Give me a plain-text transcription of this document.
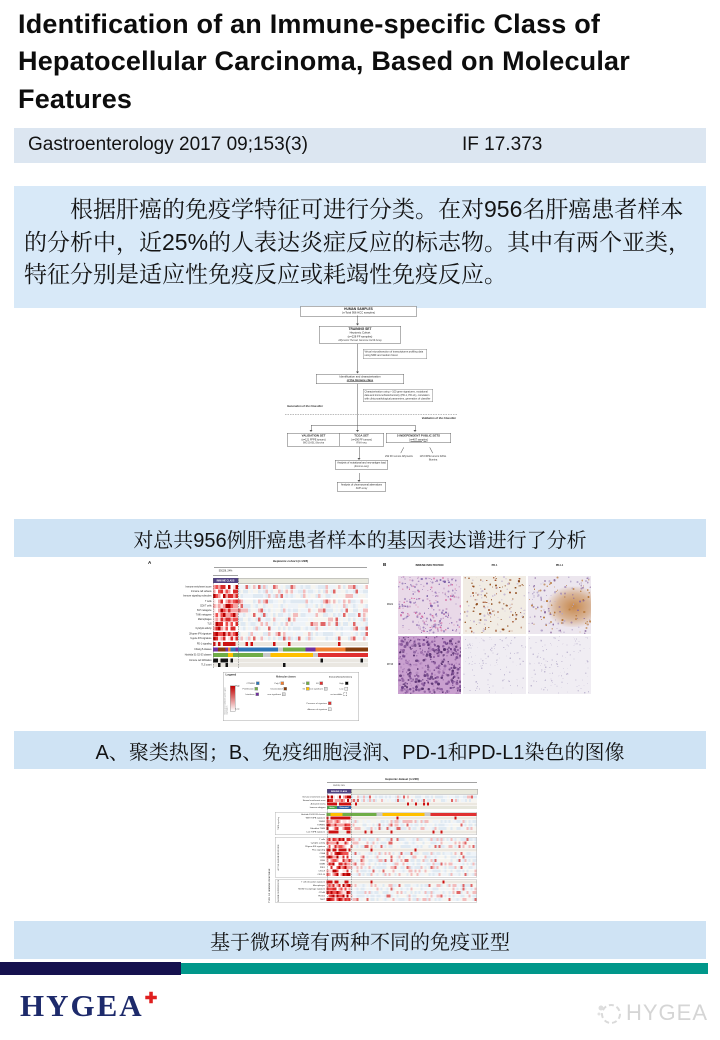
Identification of an Immune-specific Class of Hepatocellular Carcinoma, Based on Molecular Features
Gastroenterology 2017 09;153(3)	IF 17.373

根据肝癌的免疫学特征可进行分类。在对956名肝癌患者样本的分析中，近25%的人表达炎症反应的标志物。其中有两个亚类，特征分别是适应性免疫反应或耗竭性免疫反应。

HUMAN SAMPLES
(n-Total 956 HCC samples)
TRAINING SET
Heptomic Cohort
(n=228 FF samples)
Affymetrix Human Genome U219 Array
Virtual microdissection of transcriptome profiling data using NMF and random forest
Identification and characterization
of the Immune class
Characterization using > 100 gene signatures, mutational data and immunohistochemistry (PD-1, PD-L1), correlation with clinico-pathological parameters, generation of classifier
Generation of the Classifier
Validation of the Classifier
VALIDATION SET
(n=121 FFPE tumors)
96G DASL Illumina
TCGA SET
(n=190 FF tumors)
RNA-seq
5 INDEPENDENT PUBLIC SETS
(n=407 samples)
292 FF tumors Affymetrix	115 FFPE tumors DASL Illumina
Analysis of mutational and neo-antigen load
(Exome-seq)
Analysis of chromosomal aberrations
SNP array
对总共956例肝癌患者样本的基因表达谱进行了分析
A	Heptomic cohort (n=228)
55/228, 24%
IMMUNE CLASS
Immune enrichment score
Immune cell subsets
Immune signaling molecules
T cells
CD8 T cells
B-P metagene
T/NK metagene
Macrophages
TLS
Cytolytic activity
28-gene IFN signature
6-gene IFN signature
PD-1 signaling
Chiang 5-classes
Hoshida S1-S2-S3 classes
Immune cell infiltration
TLS count
Legend
Gene set enrichment score / gene expression
High
Low
Molecular classes
CTNNB1
Proliferation
Interferon
Poly7
Unannotated
non significant
S1
S2
S3
non significant
Immunohistochemistry
High
Low
not available
Presence of signature
Absence of signature
B	IMMUNE INFILTRATION	PD-1	PD-L1
M021
M743
A、聚类热图；B、免疫细胞浸润、PD-1和PD-L1染色的图像
Heptomic dataset (n=228)
55/228, 24%
IMMUNE CLASS
TYPE OF IMMUNE RESPONSE
Immune enrichment score
Stromal enrichment score
Activated stroma
Immune subtypes	Active	Exhausted
TGFB signaling
Hoshida S1-S2-S3 classes
WNT/TGFB signature
TGFB1
TGFBR1
Fibroblast TGFB
Late TGFB signature
ACTIVE IMMUNE RESPONSE
T cells
Cytolytic activity
28-gene IFN signature
PD-1 signaling
CD8A
CD8B
IFNG
GZMB
PRF1
CXCL9
CXCL10
IMMUNE SUPPRESSION	T cell exhaustion signature
Macrophages
M1/M2 macrophage signature
CTLA4
PDCD1
TIGIT
基于微环境有两种不同的免疫亚型
HYGEA✚
HYGEA
